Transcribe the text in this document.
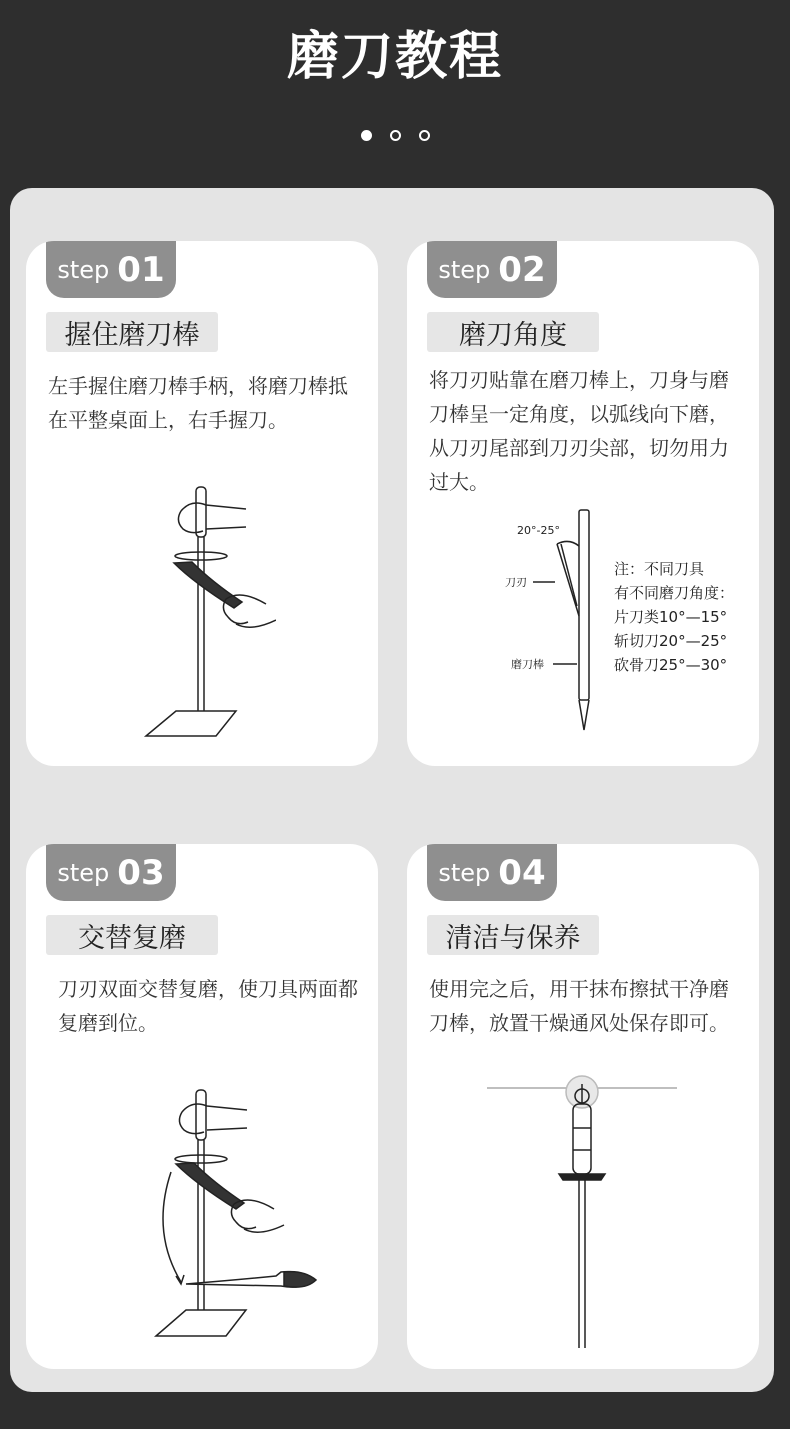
磨刀教程
step 01
握住磨刀棒
左手握住磨刀棒手柄，将磨刀棒抵在平整桌面上，右手握刀。
step 02
磨刀角度
将刀刃贴靠在磨刀棒上，刀身与磨刀棒呈一定角度，以弧线向下磨，从刀刃尾部到刀刃尖部，切勿用力过大。
20°-25°
刀刃
磨刀棒
注：不同刀具
有不同磨刀角度：
片刀类10°—15°
斩切刀20°—25°
砍骨刀25°—30°
step 03
交替复磨
刀刃双面交替复磨，使刀具两面都复磨到位。
step 04
清洁与保养
使用完之后，用干抹布擦拭干净磨刀棒，放置干燥通风处保存即可。
